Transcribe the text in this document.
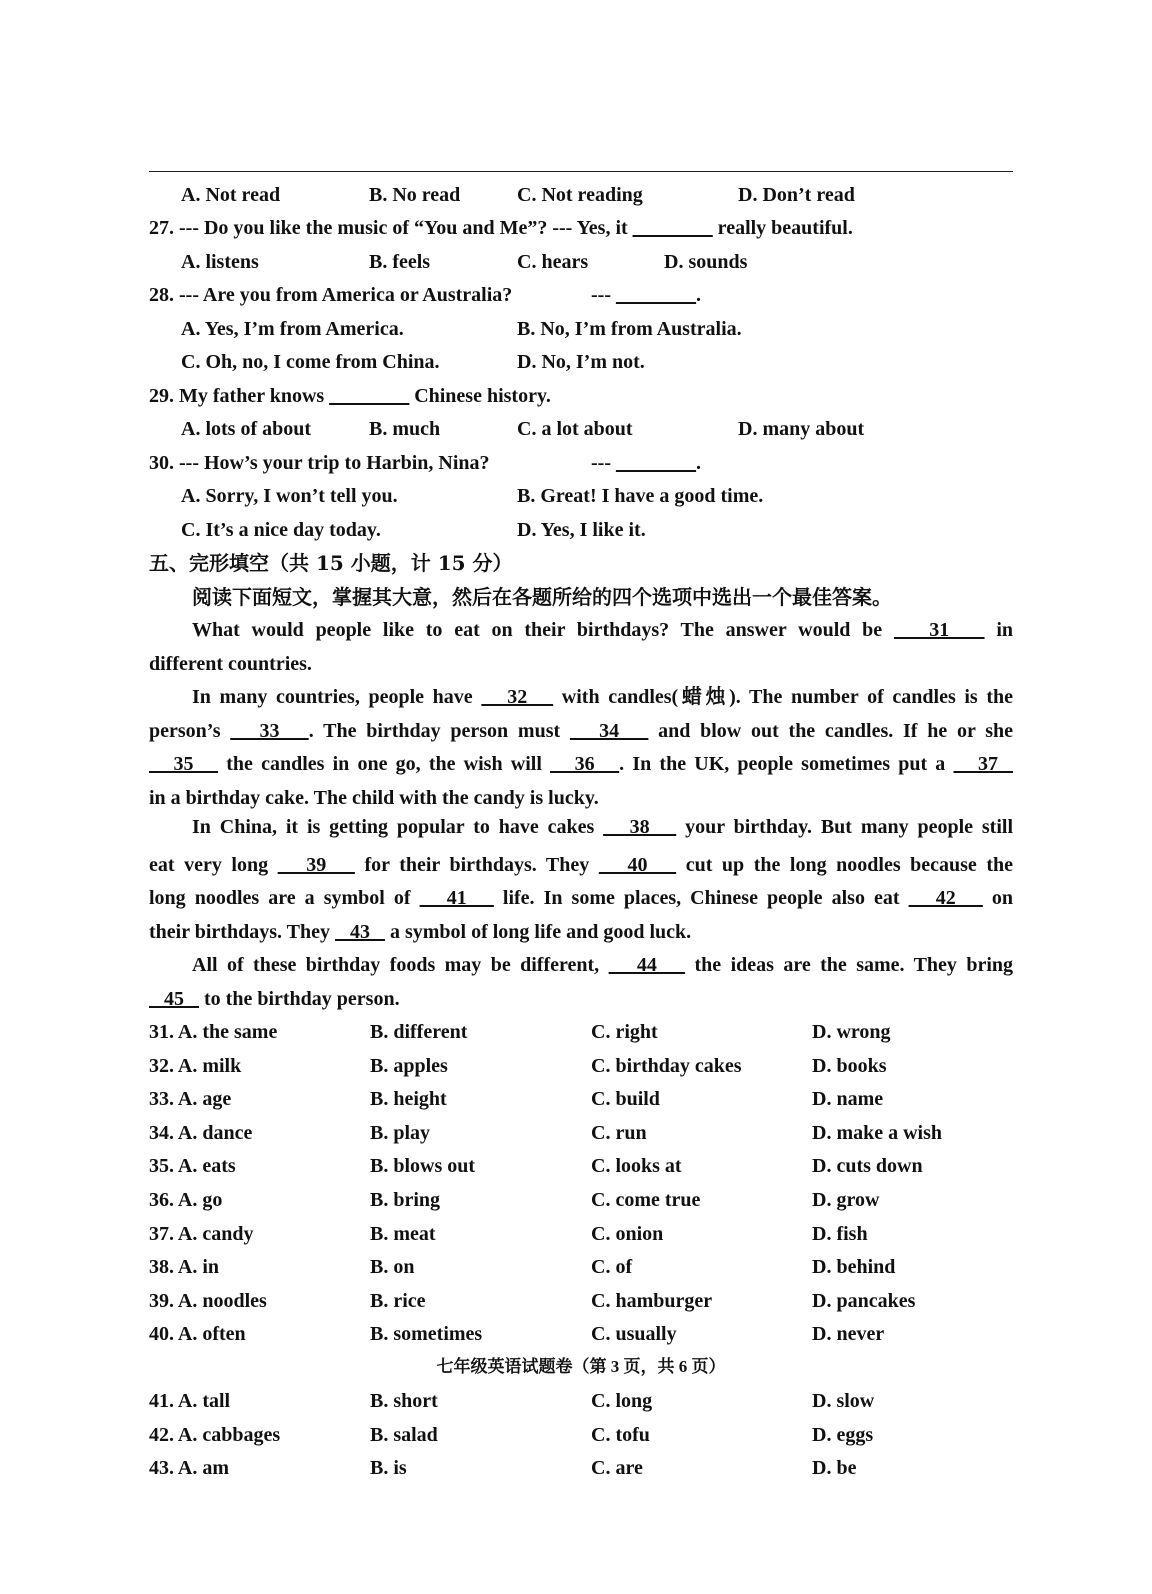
A. Not read	B. No read	C. Not reading	D. Don’t read
27. --- Do you like the music of “You and Me”? --- Yes, it ________ really beautiful.
A. listens	B. feels	C. hears	D. sounds
28. --- Are you from America or Australia?	--- ________.
A. Yes, I’m from America.	B. No, I’m from Australia.
C. Oh, no, I come from China.	D. No, I’m not.
29. My father knows ________ Chinese history.
A. lots of about	B. much	C. a lot about	D. many about
30. --- How’s your trip to Harbin, Nina?	--- ________.
A. Sorry, I won’t tell you.	B. Great! I have a good time.
C. It’s a nice day today.	D. Yes, I like it.
五、完形填空（共 15 小题，计 15 分）
阅读下面短文，掌握其大意，然后在各题所给的四个选项中选出一个最佳答案。
What would people like to eat on their birthdays? The answer would be    31    in
different countries.
In many countries, people have    32    with candles(蜡烛). The number of candles is the
person’s    33   . The birthday person must    34    and blow out the candles. If he or she
35    the candles in one go, the wish will    36   . In the UK, people sometimes put a    37
in a birthday cake. The child with the candy is lucky.
In China, it is getting popular to have cakes    38    your birthday. But many people still
eat very long    39    for their birthdays. They    40    cut up the long noodles because the
long noodles are a symbol of    41    life. In some places, Chinese people also eat    42    on
their birthdays. They    43    a symbol of long life and good luck.
All of these birthday foods may be different,    44    the ideas are the same. They bring
45    to the birthday person.
31. A. the same	B. different	C. right	D. wrong
32. A. milk	B. apples	C. birthday cakes	D. books
33. A. age	B. height	C. build	D. name
34. A. dance	B. play	C. run	D. make a wish
35. A. eats	B. blows out	C. looks at	D. cuts down
36. A. go	B. bring	C. come true	D. grow
37. A. candy	B. meat	C. onion	D. fish
38. A. in	B. on	C. of	D. behind
39. A. noodles	B. rice	C. hamburger	D. pancakes
40. A. often	B. sometimes	C. usually	D. never
七年级英语试题卷（第 3 页，共 6 页）
41. A. tall	B. short	C. long	D. slow
42. A. cabbages	B. salad	C. tofu	D. eggs
43. A. am	B. is	C. are	D. be
